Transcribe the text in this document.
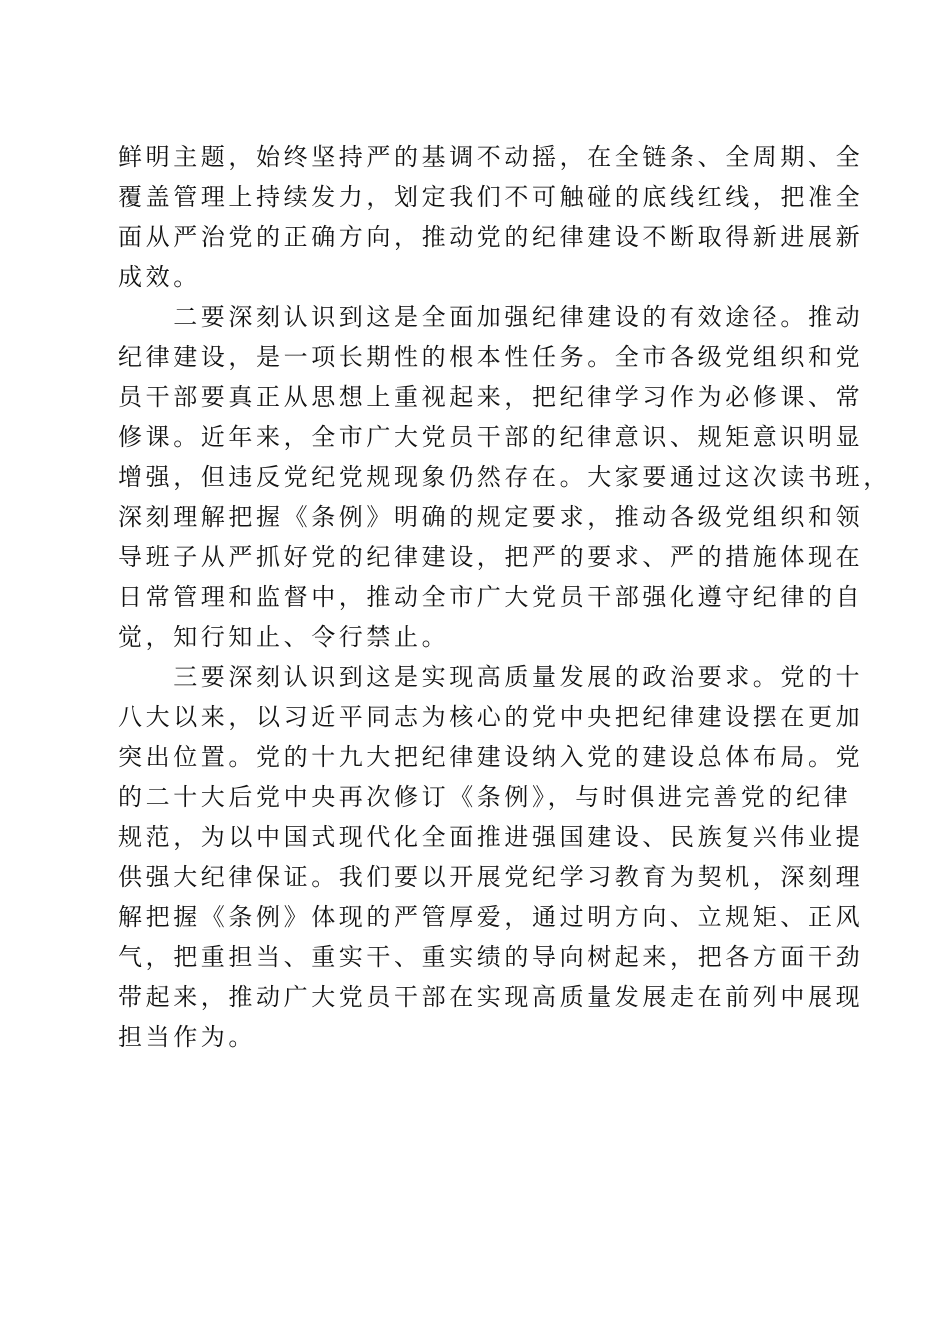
鲜明主题，始终坚持严的基调不动摇，在全链条、全周期、全
覆盖管理上持续发力，划定我们不可触碰的底线红线，把准全
面从严治党的正确方向，推动党的纪律建设不断取得新进展新
成效。
　　二要深刻认识到这是全面加强纪律建设的有效途径。推动
纪律建设，是一项长期性的根本性任务。全市各级党组织和党
员干部要真正从思想上重视起来，把纪律学习作为必修课、常
修课。近年来，全市广大党员干部的纪律意识、规矩意识明显
增强，但违反党纪党规现象仍然存在。大家要通过这次读书班，
深刻理解把握《条例》明确的规定要求，推动各级党组织和领
导班子从严抓好党的纪律建设，把严的要求、严的措施体现在
日常管理和监督中，推动全市广大党员干部强化遵守纪律的自
觉，知行知止、令行禁止。
　　三要深刻认识到这是实现高质量发展的政治要求。党的十
八大以来，以习近平同志为核心的党中央把纪律建设摆在更加
突出位置。党的十九大把纪律建设纳入党的建设总体布局。党
的二十大后党中央再次修订《条例》，与时俱进完善党的纪律
规范，为以中国式现代化全面推进强国建设、民族复兴伟业提
供强大纪律保证。我们要以开展党纪学习教育为契机，深刻理
解把握《条例》体现的严管厚爱，通过明方向、立规矩、正风
气，把重担当、重实干、重实绩的导向树起来，把各方面干劲
带起来，推动广大党员干部在实现高质量发展走在前列中展现
担当作为。
